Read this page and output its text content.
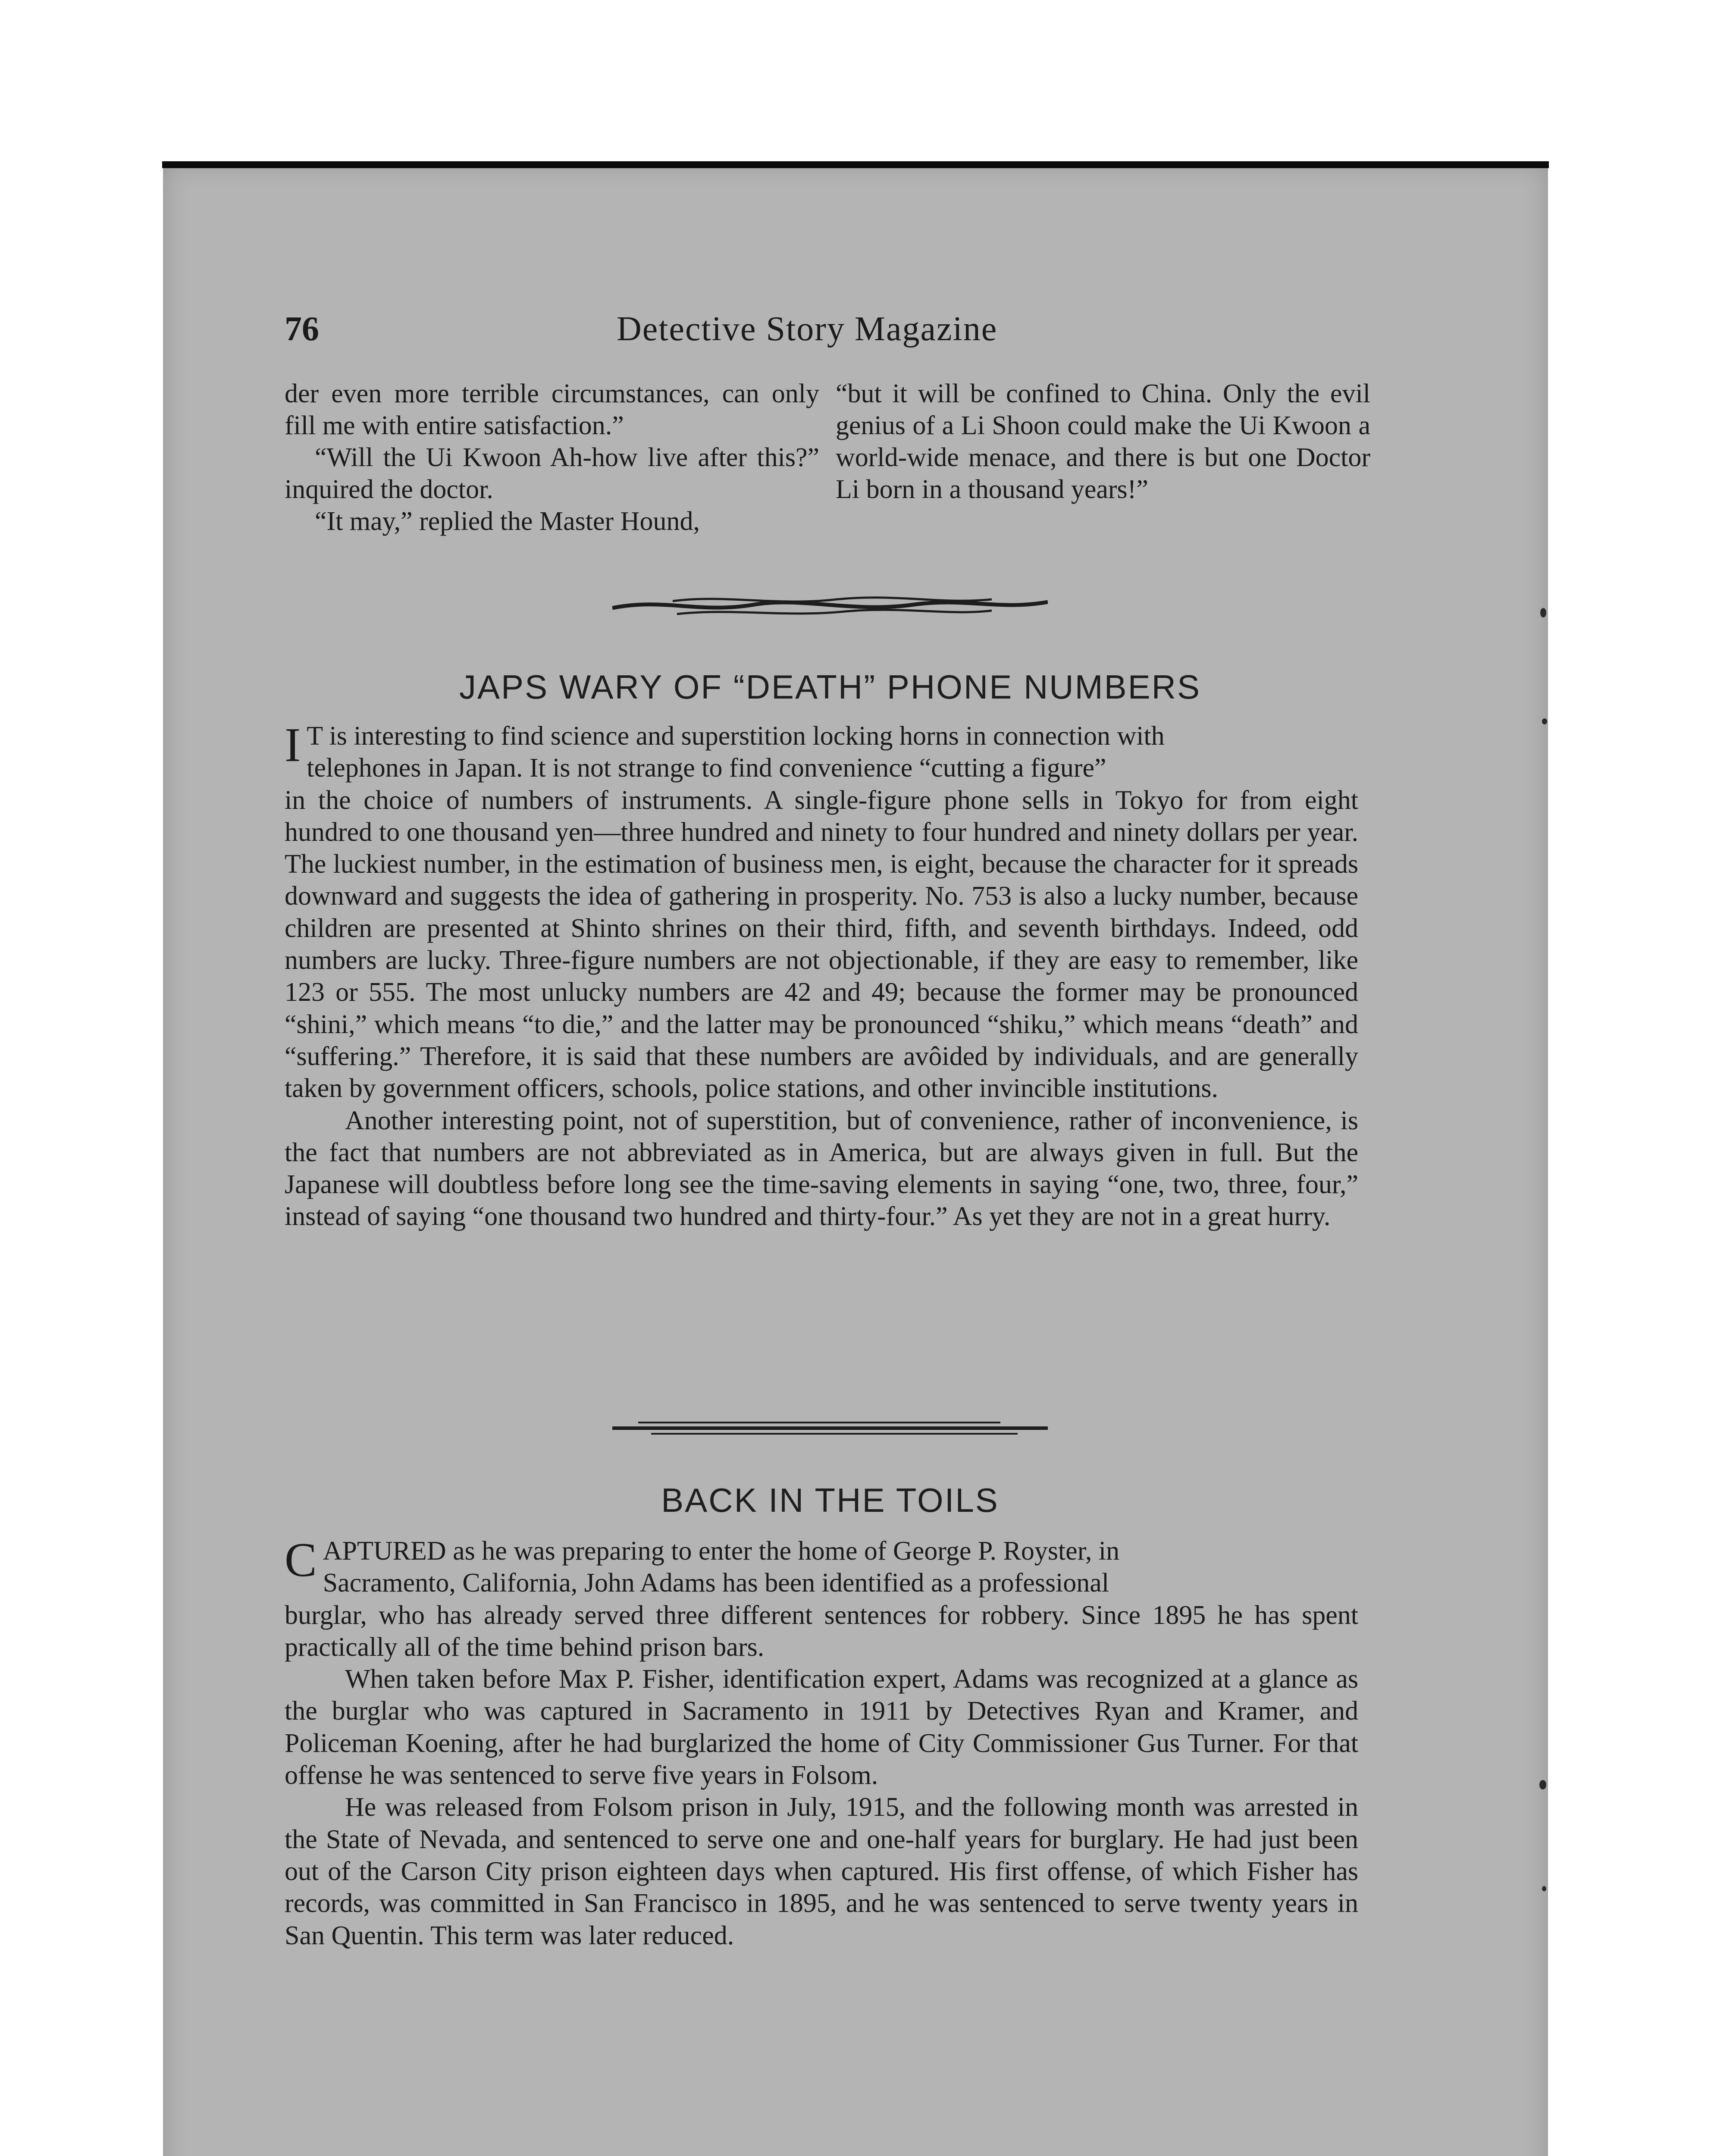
76	Detective Story Magazine

der even more terrible circumstances, can only fill me with entire satisfaction.”

“Will the Ui Kwoon Ah-how live after this?” inquired the doctor.

“It may,” replied the Master Hound,

“but it will be confined to China. Only the evil genius of a Li Shoon could make the Ui Kwoon a world-wide menace, and there is but one Doctor Li born in a thousand years!”

JAPS WARY OF “DEATH” PHONE NUMBERS

I T is interesting to find science and superstition locking horns in connection with
telephones in Japan. It is not strange to find convenience “cutting a figure”

in the choice of numbers of instruments. A single-figure phone sells in Tokyo for from eight hundred to one thousand yen—three hundred and ninety to four hundred and ninety dollars per year. The luckiest number, in the estimation of business men, is eight, because the character for it spreads downward and suggests the idea of gathering in prosperity. No. 753 is also a lucky number, because children are presented at Shinto shrines on their third, fifth, and seventh birthdays. Indeed, odd numbers are lucky. Three-figure numbers are not objectionable, if they are easy to remember, like 123 or 555. The most unlucky numbers are 42 and 49; because the former may be pronounced “shini,” which means “to die,” and the latter may be pronounced “shiku,” which means “death” and “suffering.” Therefore, it is said that these numbers are avôided by individuals, and are generally taken by government officers, schools, police stations, and other invincible institutions.

Another interesting point, not of superstition, but of convenience, rather of inconvenience, is the fact that numbers are not abbreviated as in America, but are always given in full. But the Japanese will doubtless before long see the time-saving elements in saying “one, two, three, four,” instead of saying “one thousand two hundred and thirty-four.” As yet they are not in a great hurry.

BACK IN THE TOILS

C APTURED as he was preparing to enter the home of George P. Royster, in
Sacramento, California, John Adams has been identified as a professional

burglar, who has already served three different sentences for robbery. Since 1895 he has spent practically all of the time behind prison bars.

When taken before Max P. Fisher, identification expert, Adams was recognized at a glance as the burglar who was captured in Sacramento in 1911 by Detectives Ryan and Kramer, and Policeman Koening, after he had burglarized the home of City Commissioner Gus Turner. For that offense he was sentenced to serve five years in Folsom.

He was released from Folsom prison in July, 1915, and the following month was arrested in the State of Nevada, and sentenced to serve one and one-half years for burglary. He had just been out of the Carson City prison eighteen days when captured. His first offense, of which Fisher has records, was committed in San Francisco in 1895, and he was sentenced to serve twenty years in San Quentin. This term was later reduced.
